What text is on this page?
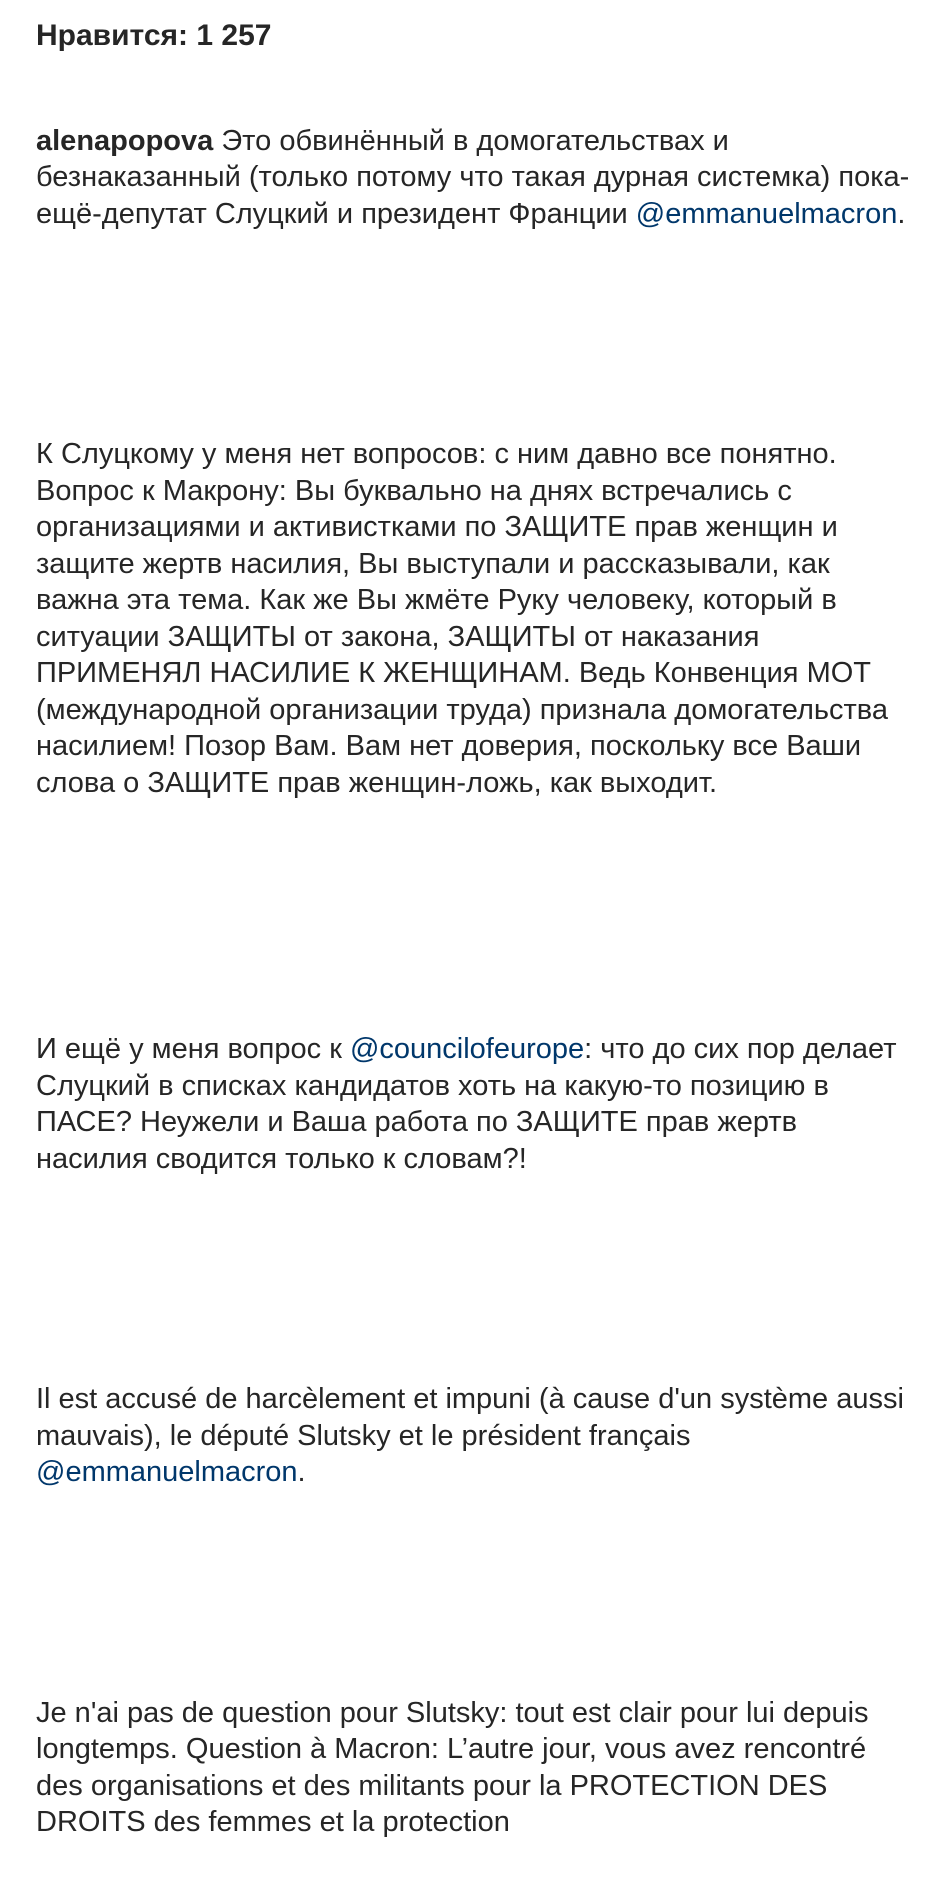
Нравится: 1 257

alenapopova Это обвинённый в домогательствах и безнаказанный (только потому что такая дурная системка) пока-ещё-депутат Слуцкий и президент Франции @emmanuelmacron.

К Слуцкому у меня нет вопросов: с ним давно все понятно. Вопрос к Макрону: Вы буквально на днях встречались с организациями и активистками по ЗАЩИТЕ прав женщин и защите жертв насилия, Вы выступали и рассказывали, как важна эта тема. Как же Вы жмёте Руку человеку, который в ситуации ЗАЩИТЫ от закона, ЗАЩИТЫ от наказания ПРИМЕНЯЛ НАСИЛИЕ К ЖЕНЩИНАМ. Ведь Конвенция МОТ (международной организации труда) признала домогательства насилием! Позор Вам. Вам нет доверия, поскольку все Ваши слова о ЗАЩИТЕ прав женщин-ложь, как выходит.

И ещё у меня вопрос к @councilofeurope: что до сих пор делает Слуцкий в списках кандидатов хоть на какую-то позицию в ПАСЕ? Неужели и Ваша работа по ЗАЩИТЕ прав жертв насилия сводится только к словам?!

Il est accusé de harcèlement et impuni (à cause d'un système aussi mauvais), le député Slutsky et le président français @emmanuelmacron.

Je n'ai pas de question pour Slutsky: tout est clair pour lui depuis longtemps. Question à Macron: L’autre jour, vous avez rencontré des organisations et des militants pour la PROTECTION DES DROITS des femmes et la protection
